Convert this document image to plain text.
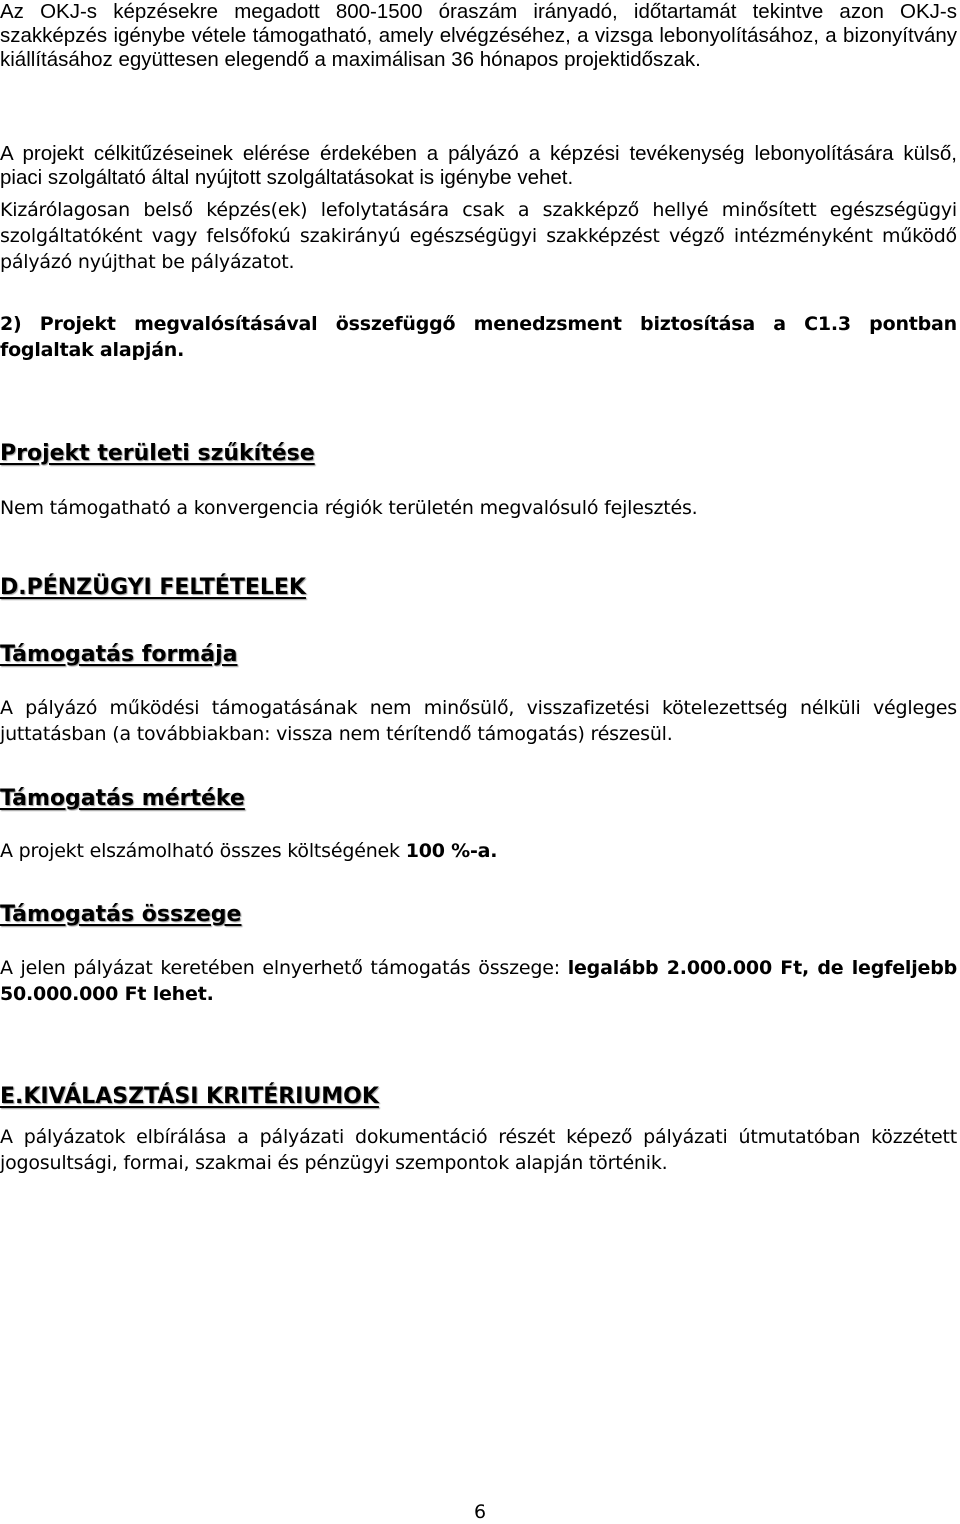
Az OKJ-s képzésekre megadott 800-1500 óraszám irányadó, időtartamát tekintve azon OKJ-s szakképzés igénybe vétele támogatható, amely elvégzéséhez, a vizsga lebonyolításához, a bizonyítvány kiállításához együttesen elegendő a maximálisan 36 hónapos projektidőszak.

A projekt célkitűzéseinek elérése érdekében a pályázó a képzési tevékenység lebonyolítására külső, piaci szolgáltató által nyújtott szolgáltatásokat is igénybe vehet.

Kizárólagosan belső képzés(ek) lefolytatására csak a szakképző hellyé minősített egészségügyi szolgáltatóként vagy felsőfokú szakirányú egészségügyi szakképzést végző intézményként működő pályázó nyújthat be pályázatot.

2) Projekt megvalósításával összefüggő menedzsment biztosítása a C1.3 pontban foglaltak alapján.

Projekt területi szűkítése

Nem támogatható a konvergencia régiók területén megvalósuló fejlesztés.

D.PÉNZÜGYI FELTÉTELEK
Támogatás formája

A pályázó működési támogatásának nem minősülő, visszafizetési kötelezettség nélküli végleges juttatásban (a továbbiakban: vissza nem térítendő támogatás) részesül.

Támogatás mértéke

A projekt elszámolható összes költségének 100 %-a.

Támogatás összege

A jelen pályázat keretében elnyerhető támogatás összege: legalább 2.000.000 Ft, de legfeljebb 50.000.000 Ft lehet.

E.KIVÁLASZTÁSI KRITÉRIUMOK

A pályázatok elbírálása a pályázati dokumentáció részét képező pályázati útmutatóban közzétett jogosultsági, formai, szakmai és pénzügyi szempontok alapján történik.

6
